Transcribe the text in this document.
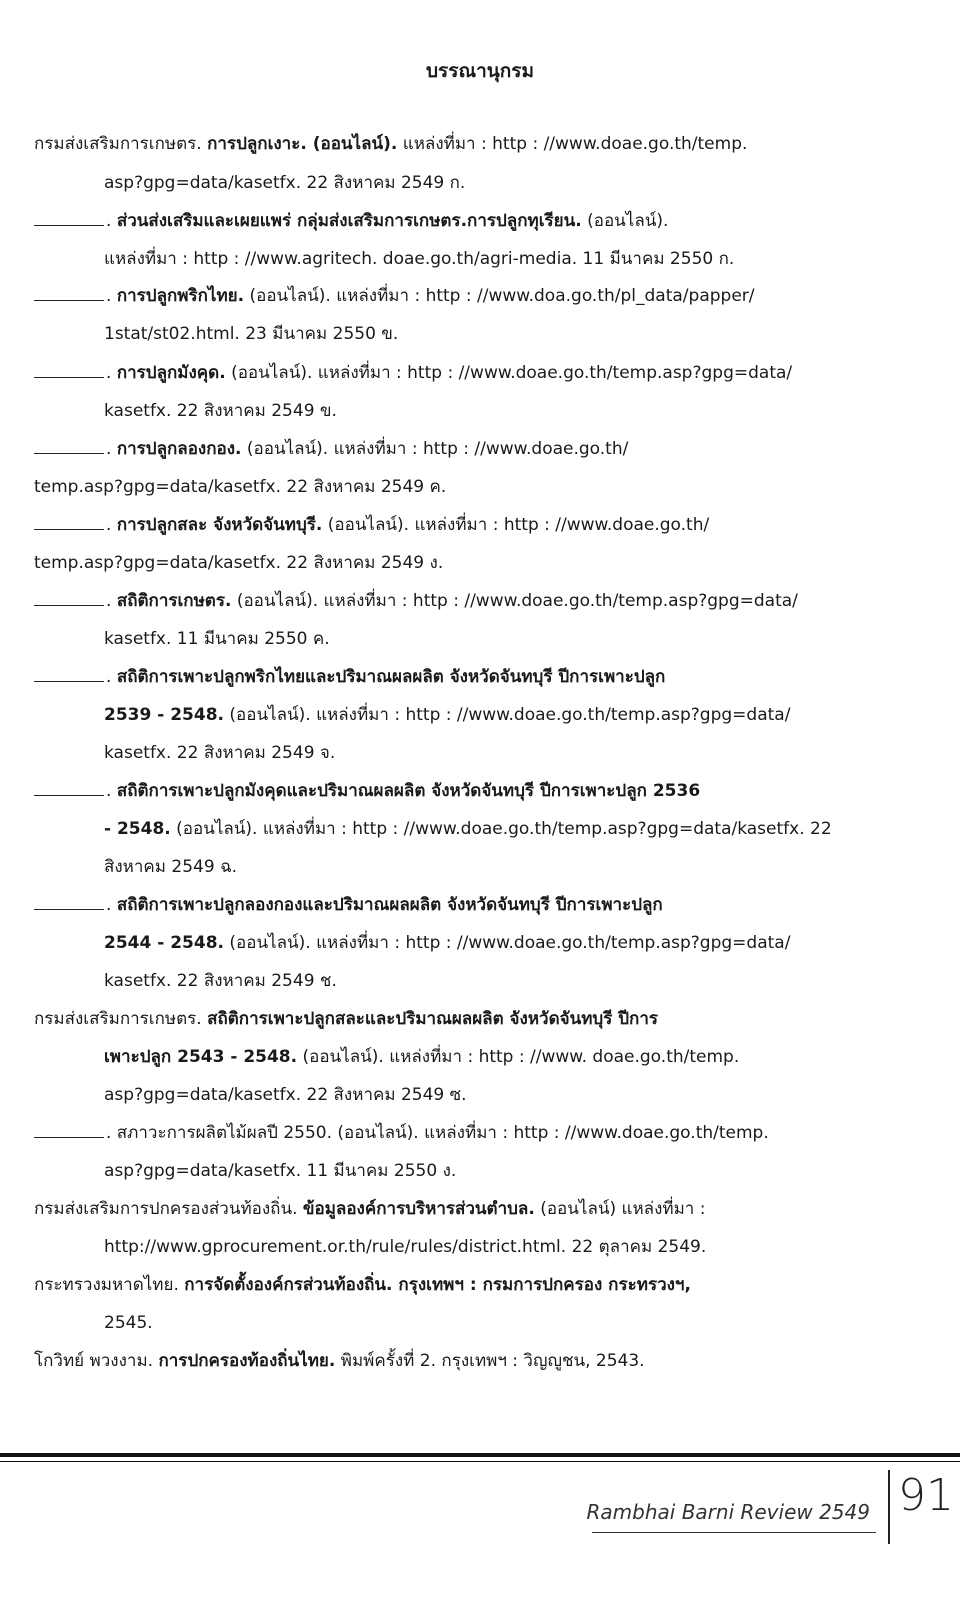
บรรณานุกรม
กรมส่งเสริมการเกษตร. การปลูกเงาะ. (ออนไลน์). แหล่งที่มา : http : //www.doae.go.th/temp.
asp?gpg=data/kasetfx. 22 สิงหาคม 2549 ก.
. ส่วนส่งเสริมและเผยแพร่ กลุ่มส่งเสริมการเกษตร.การปลูกทุเรียน. (ออนไลน์).
แหล่งที่มา : http : //www.agritech. doae.go.th/agri-media. 11 มีนาคม 2550 ก.
. การปลูกพริกไทย. (ออนไลน์). แหล่งที่มา : http : //www.doa.go.th/pl_data/papper/
1stat/st02.html. 23 มีนาคม 2550 ข.
. การปลูกมังคุด. (ออนไลน์). แหล่งที่มา : http : //www.doae.go.th/temp.asp?gpg=data/
kasetfx. 22 สิงหาคม 2549 ข.
. การปลูกลองกอง. (ออนไลน์). แหล่งที่มา : http : //www.doae.go.th/
temp.asp?gpg=data/kasetfx. 22 สิงหาคม 2549 ค.
. การปลูกสละ จังหวัดจันทบุรี. (ออนไลน์). แหล่งที่มา : http : //www.doae.go.th/
temp.asp?gpg=data/kasetfx. 22 สิงหาคม 2549 ง.
. สถิติการเกษตร. (ออนไลน์). แหล่งที่มา : http : //www.doae.go.th/temp.asp?gpg=data/
kasetfx. 11 มีนาคม 2550 ค.
. สถิติการเพาะปลูกพริกไทยและปริมาณผลผลิต จังหวัดจันทบุรี ปีการเพาะปลูก
2539 - 2548. (ออนไลน์). แหล่งที่มา : http : //www.doae.go.th/temp.asp?gpg=data/
kasetfx. 22 สิงหาคม 2549 จ.
. สถิติการเพาะปลูกมังคุดและปริมาณผลผลิต จังหวัดจันทบุรี ปีการเพาะปลูก 2536
- 2548. (ออนไลน์). แหล่งที่มา : http : //www.doae.go.th/temp.asp?gpg=data/kasetfx. 22
สิงหาคม 2549 ฉ.
. สถิติการเพาะปลูกลองกองและปริมาณผลผลิต จังหวัดจันทบุรี ปีการเพาะปลูก
2544 - 2548. (ออนไลน์). แหล่งที่มา : http : //www.doae.go.th/temp.asp?gpg=data/
kasetfx. 22 สิงหาคม 2549 ช.
กรมส่งเสริมการเกษตร. สถิติการเพาะปลูกสละและปริมาณผลผลิต จังหวัดจันทบุรี ปีการ
เพาะปลูก 2543 - 2548. (ออนไลน์). แหล่งที่มา : http : //www. doae.go.th/temp.
asp?gpg=data/kasetfx. 22 สิงหาคม 2549 ซ.
. สภาวะการผลิตไม้ผลปี 2550. (ออนไลน์). แหล่งที่มา : http : //www.doae.go.th/temp.
asp?gpg=data/kasetfx. 11 มีนาคม 2550 ง.
กรมส่งเสริมการปกครองส่วนท้องถิ่น. ข้อมูลองค์การบริหารส่วนตำบล. (ออนไลน์) แหล่งที่มา :
http://www.gprocurement.or.th/rule/rules/district.html. 22 ตุลาคม 2549.
กระทรวงมหาดไทย. การจัดตั้งองค์กรส่วนท้องถิ่น. กรุงเทพฯ : กรมการปกครอง กระทรวงฯ,
2545.
โกวิทย์ พวงงาม. การปกครองท้องถิ่นไทย. พิมพ์ครั้งที่ 2. กรุงเทพฯ : วิญญูชน, 2543.
Rambhai Barni Review 2549 91
